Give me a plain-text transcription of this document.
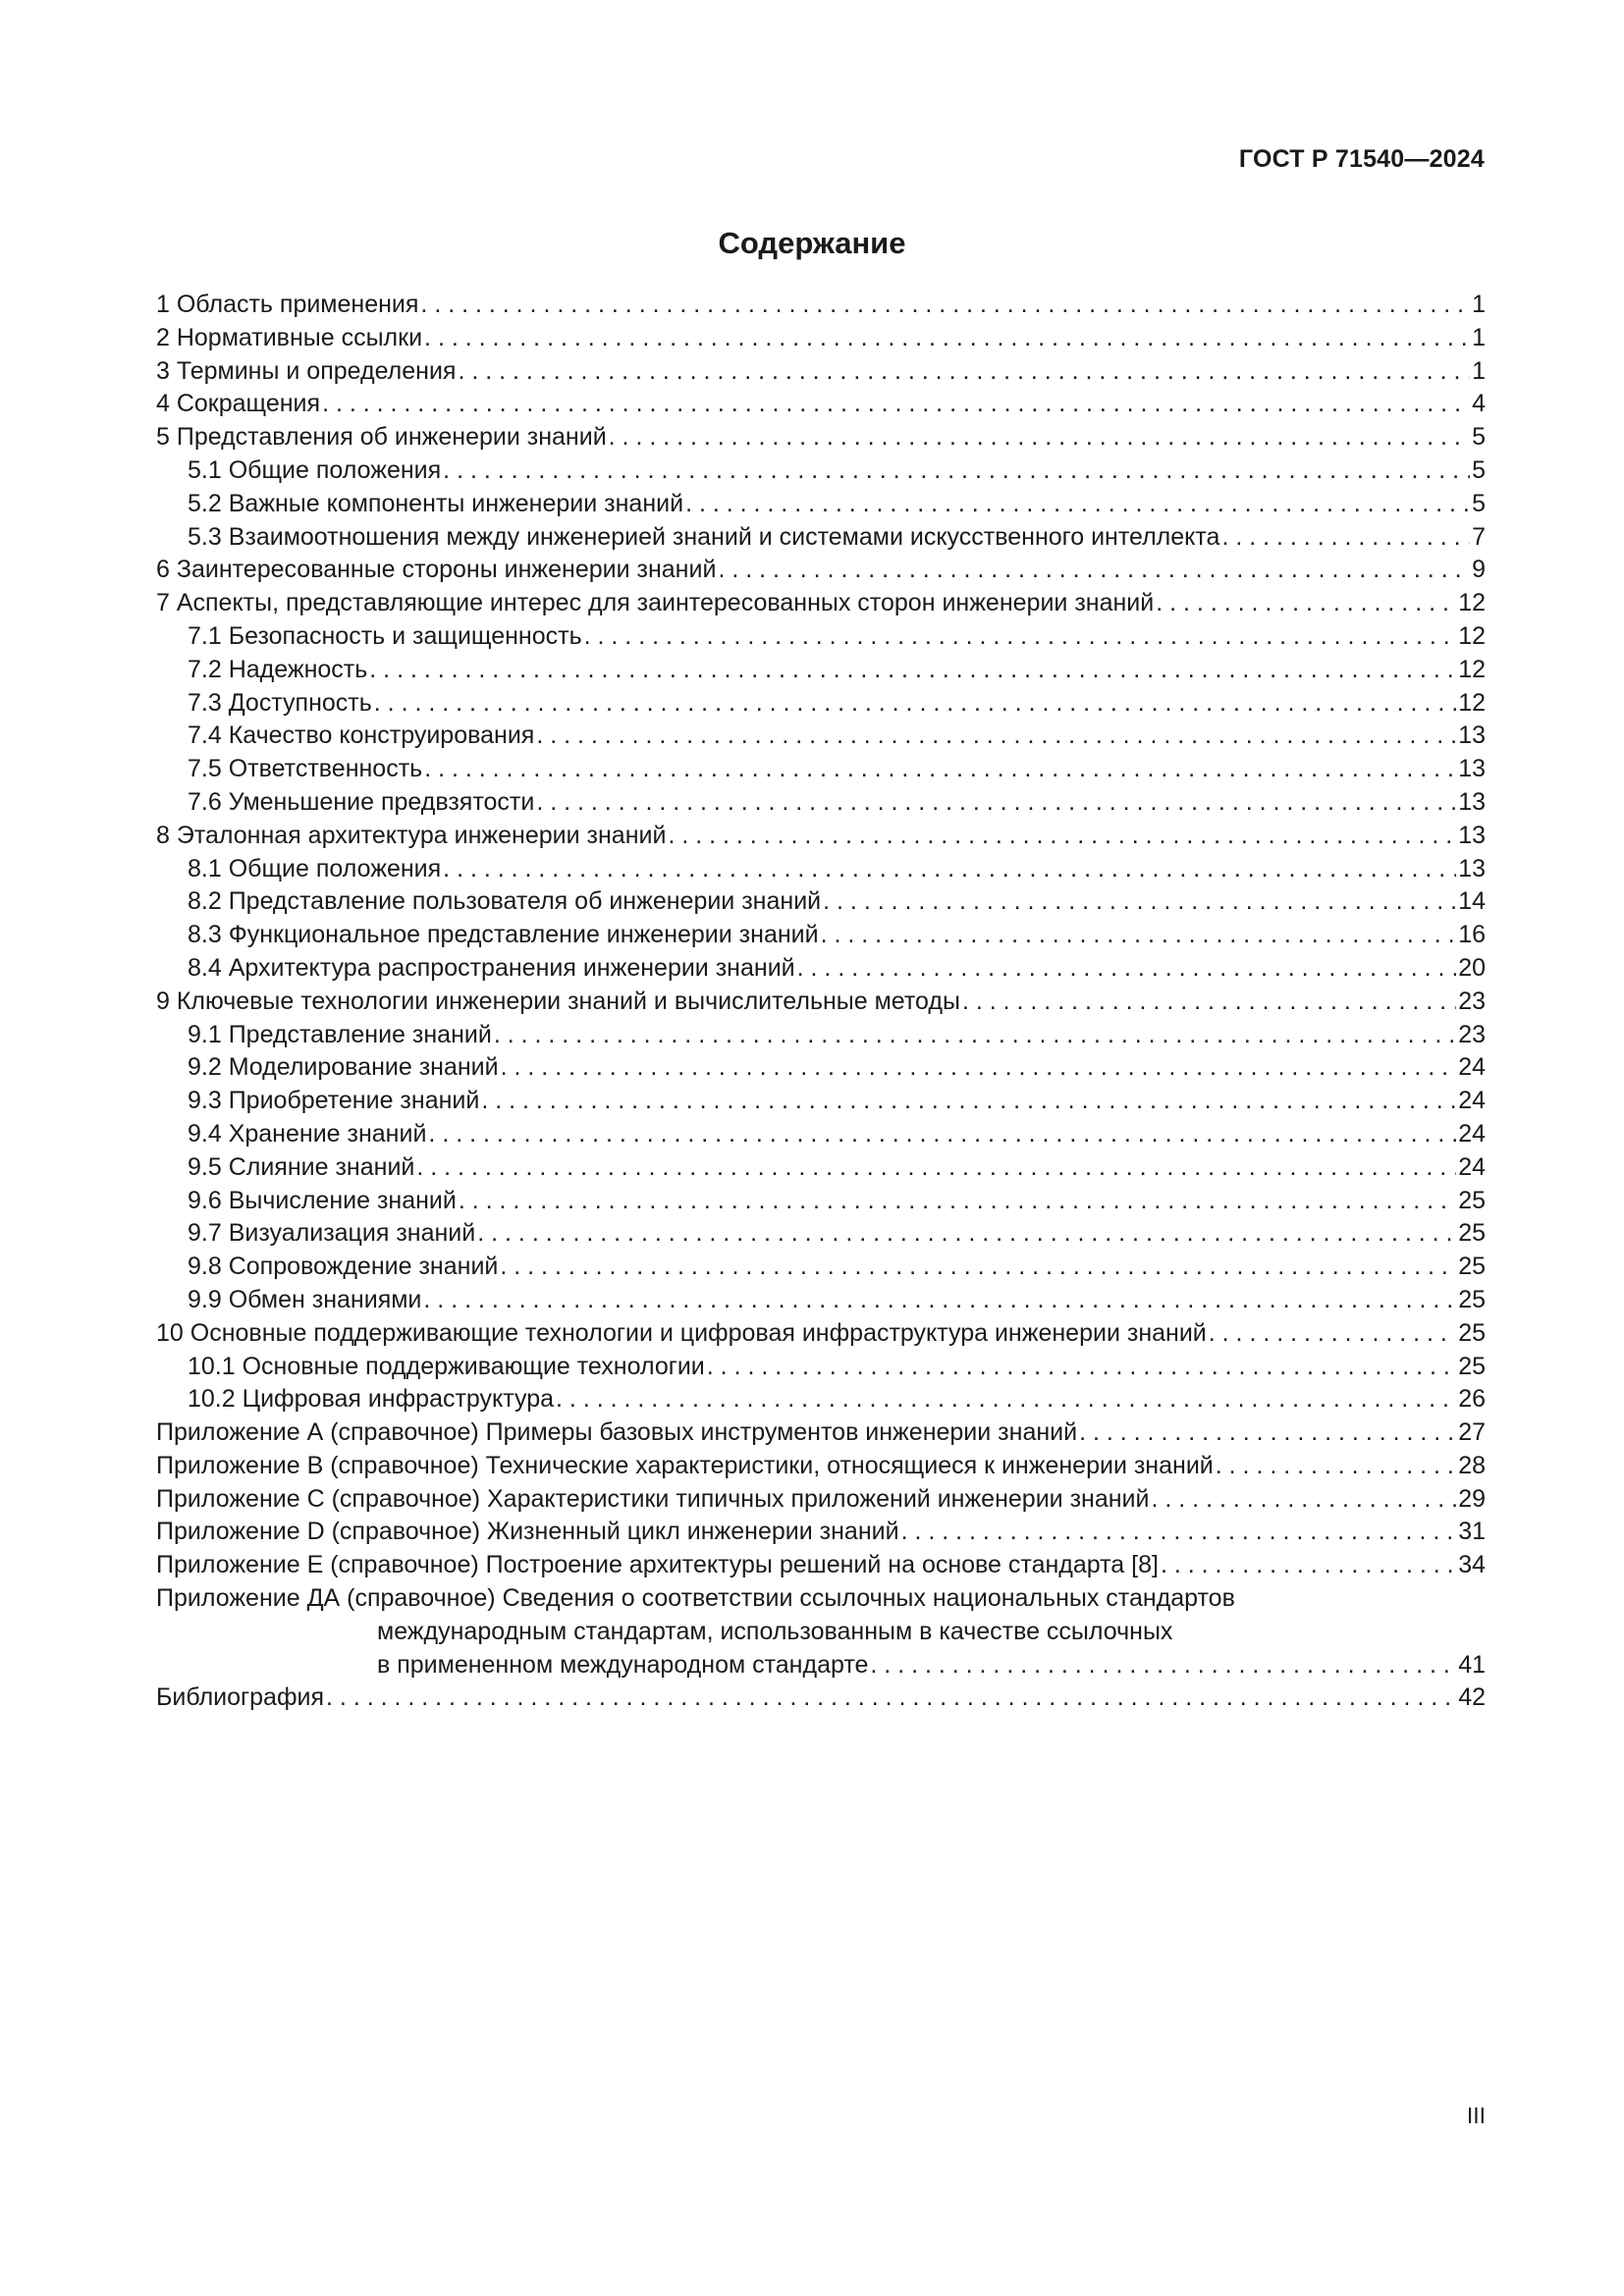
ГОСТ Р 71540—2024
Содержание
1 Область применения . . .	1
2 Нормативные ссылки . . .	1
3 Термины и определения . . .	1
4 Сокращения . . .	4
5 Представления об инженерии знаний . . .	5
5.1 Общие положения . . .	5
5.2 Важные компоненты инженерии знаний . . .	5
5.3 Взаимоотношения между инженерией знаний и системами искусственного интеллекта . . .	7
6 Заинтересованные стороны инженерии знаний . . .	9
7 Аспекты, представляющие интерес для заинтересованных сторон инженерии знаний . . .	12
7.1 Безопасность и защищенность . . .	12
7.2 Надежность . . .	12
7.3 Доступность . . .	12
7.4 Качество конструирования . . .	13
7.5 Ответственность . . .	13
7.6 Уменьшение предвзятости . . .	13
8 Эталонная архитектура инженерии знаний . . .	13
8.1 Общие положения . . .	13
8.2 Представление пользователя об инженерии знаний . . .	14
8.3 Функциональное представление инженерии знаний . . .	16
8.4 Архитектура распространения инженерии знаний . . .	20
9 Ключевые технологии инженерии знаний и вычислительные методы . . .	23
9.1 Представление знаний . . .	23
9.2 Моделирование знаний . . .	24
9.3 Приобретение знаний . . .	24
9.4 Хранение знаний . . .	24
9.5 Слияние знаний . . .	24
9.6 Вычисление знаний . . .	25
9.7 Визуализация знаний . . .	25
9.8 Сопровождение знаний . . .	25
9.9 Обмен знаниями . . .	25
10 Основные поддерживающие технологии и цифровая инфраструктура инженерии знаний . . .	25
10.1 Основные поддерживающие технологии . . .	25
10.2 Цифровая инфраструктура . . .	26
Приложение А (справочное) Примеры базовых инструментов инженерии знаний . . .	27
Приложение В (справочное) Технические характеристики, относящиеся к инженерии знаний . . .	28
Приложение С (справочное) Характеристики типичных приложений инженерии знаний . . .	29
Приложение D (справочное) Жизненный цикл инженерии знаний . . .	31
Приложение Е (справочное) Построение архитектуры решений на основе стандарта [8] . . .	34
Приложение ДА (справочное) Сведения о соответствии ссылочных национальных стандартов
международным стандартам, использованным в качестве ссылочных
в примененном международном стандарте . . .	41
Библиография . . .	42
III
